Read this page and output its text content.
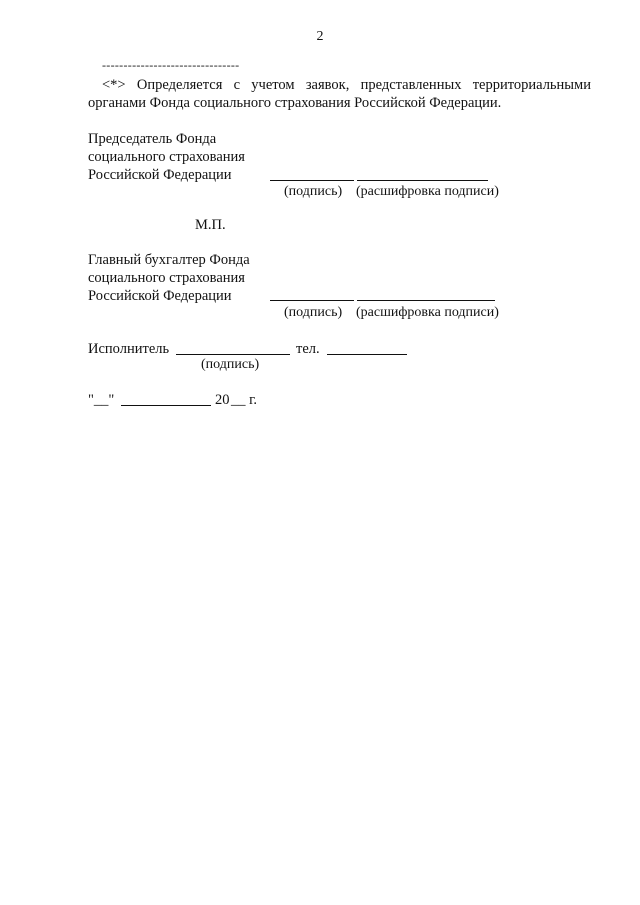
2
--------------------------------
<*> Определяется с учетом заявок, представленных территориальными органами Фонда социального страхования Российской Федерации.
Председатель Фонда
социального страхования
Российской Федерации
(подпись) (расшифровка подписи)
М.П.
Главный бухгалтер Фонда
социального страхования
Российской Федерации
(подпись) (расшифровка подписи)
Исполнитель	тел.
(подпись)
"__"	20 __ г.
